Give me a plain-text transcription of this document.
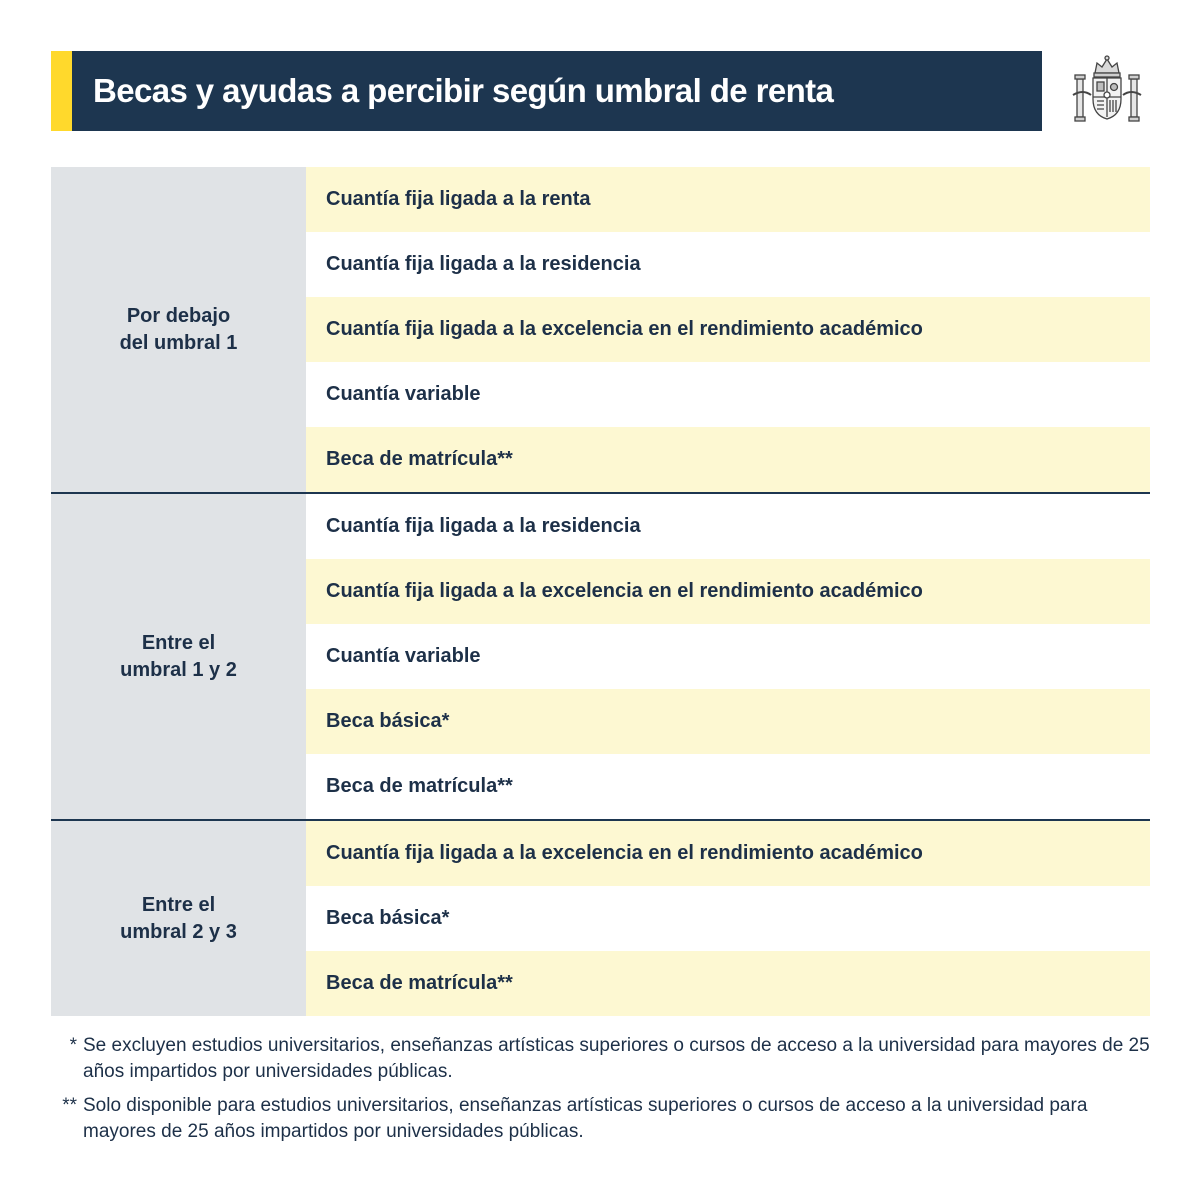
Becas y ayudas a percibir según umbral de renta
Por debajo
del umbral 1
Cuantía fija ligada a la renta
Cuantía fija ligada a la residencia
Cuantía fija ligada a la excelencia en el rendimiento académico
Cuantía variable
Beca de matrícula**
Entre el
umbral 1 y 2
Cuantía fija ligada a la residencia
Cuantía fija ligada a la excelencia en el rendimiento académico
Cuantía variable
Beca básica*
Beca de matrícula**
Entre el
umbral 2 y 3
Cuantía fija ligada a la excelencia en el rendimiento académico
Beca básica*
Beca de matrícula**
* Se excluyen estudios universitarios, enseñanzas artísticas superiores o cursos de acceso a la universidad para mayores de 25 años impartidos por universidades públicas.
** Solo disponible para estudios universitarios, enseñanzas artísticas superiores o cursos de acceso a la universidad para mayores de 25 años impartidos por universidades públicas.
